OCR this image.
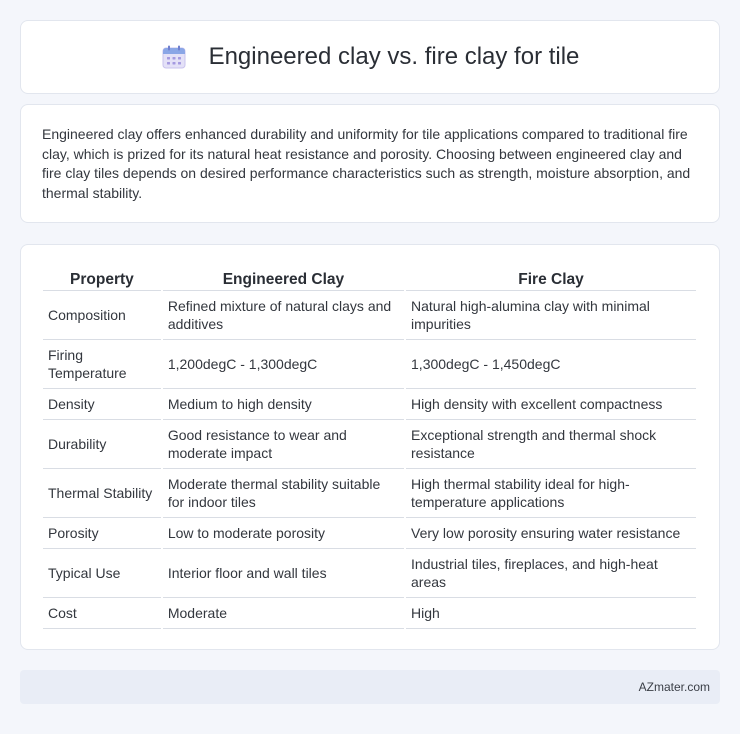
Engineered clay vs. fire clay for tile

Engineered clay offers enhanced durability and uniformity for tile applications compared to traditional fire clay, which is prized for its natural heat resistance and porosity. Choosing between engineered clay and fire clay tiles depends on desired performance characteristics such as strength, moisture absorption, and thermal stability.

Property	Engineered Clay	Fire Clay
Composition	Refined mixture of natural clays and additives	Natural high-alumina clay with minimal impurities
Firing Temperature	1,200degC - 1,300degC	1,300degC - 1,450degC
Density	Medium to high density	High density with excellent compactness
Durability	Good resistance to wear and moderate impact	Exceptional strength and thermal shock resistance
Thermal Stability	Moderate thermal stability suitable for indoor tiles	High thermal stability ideal for high-temperature applications
Porosity	Low to moderate porosity	Very low porosity ensuring water resistance
Typical Use	Interior floor and wall tiles	Industrial tiles, fireplaces, and high-heat areas
Cost	Moderate	High
AZmater.com
